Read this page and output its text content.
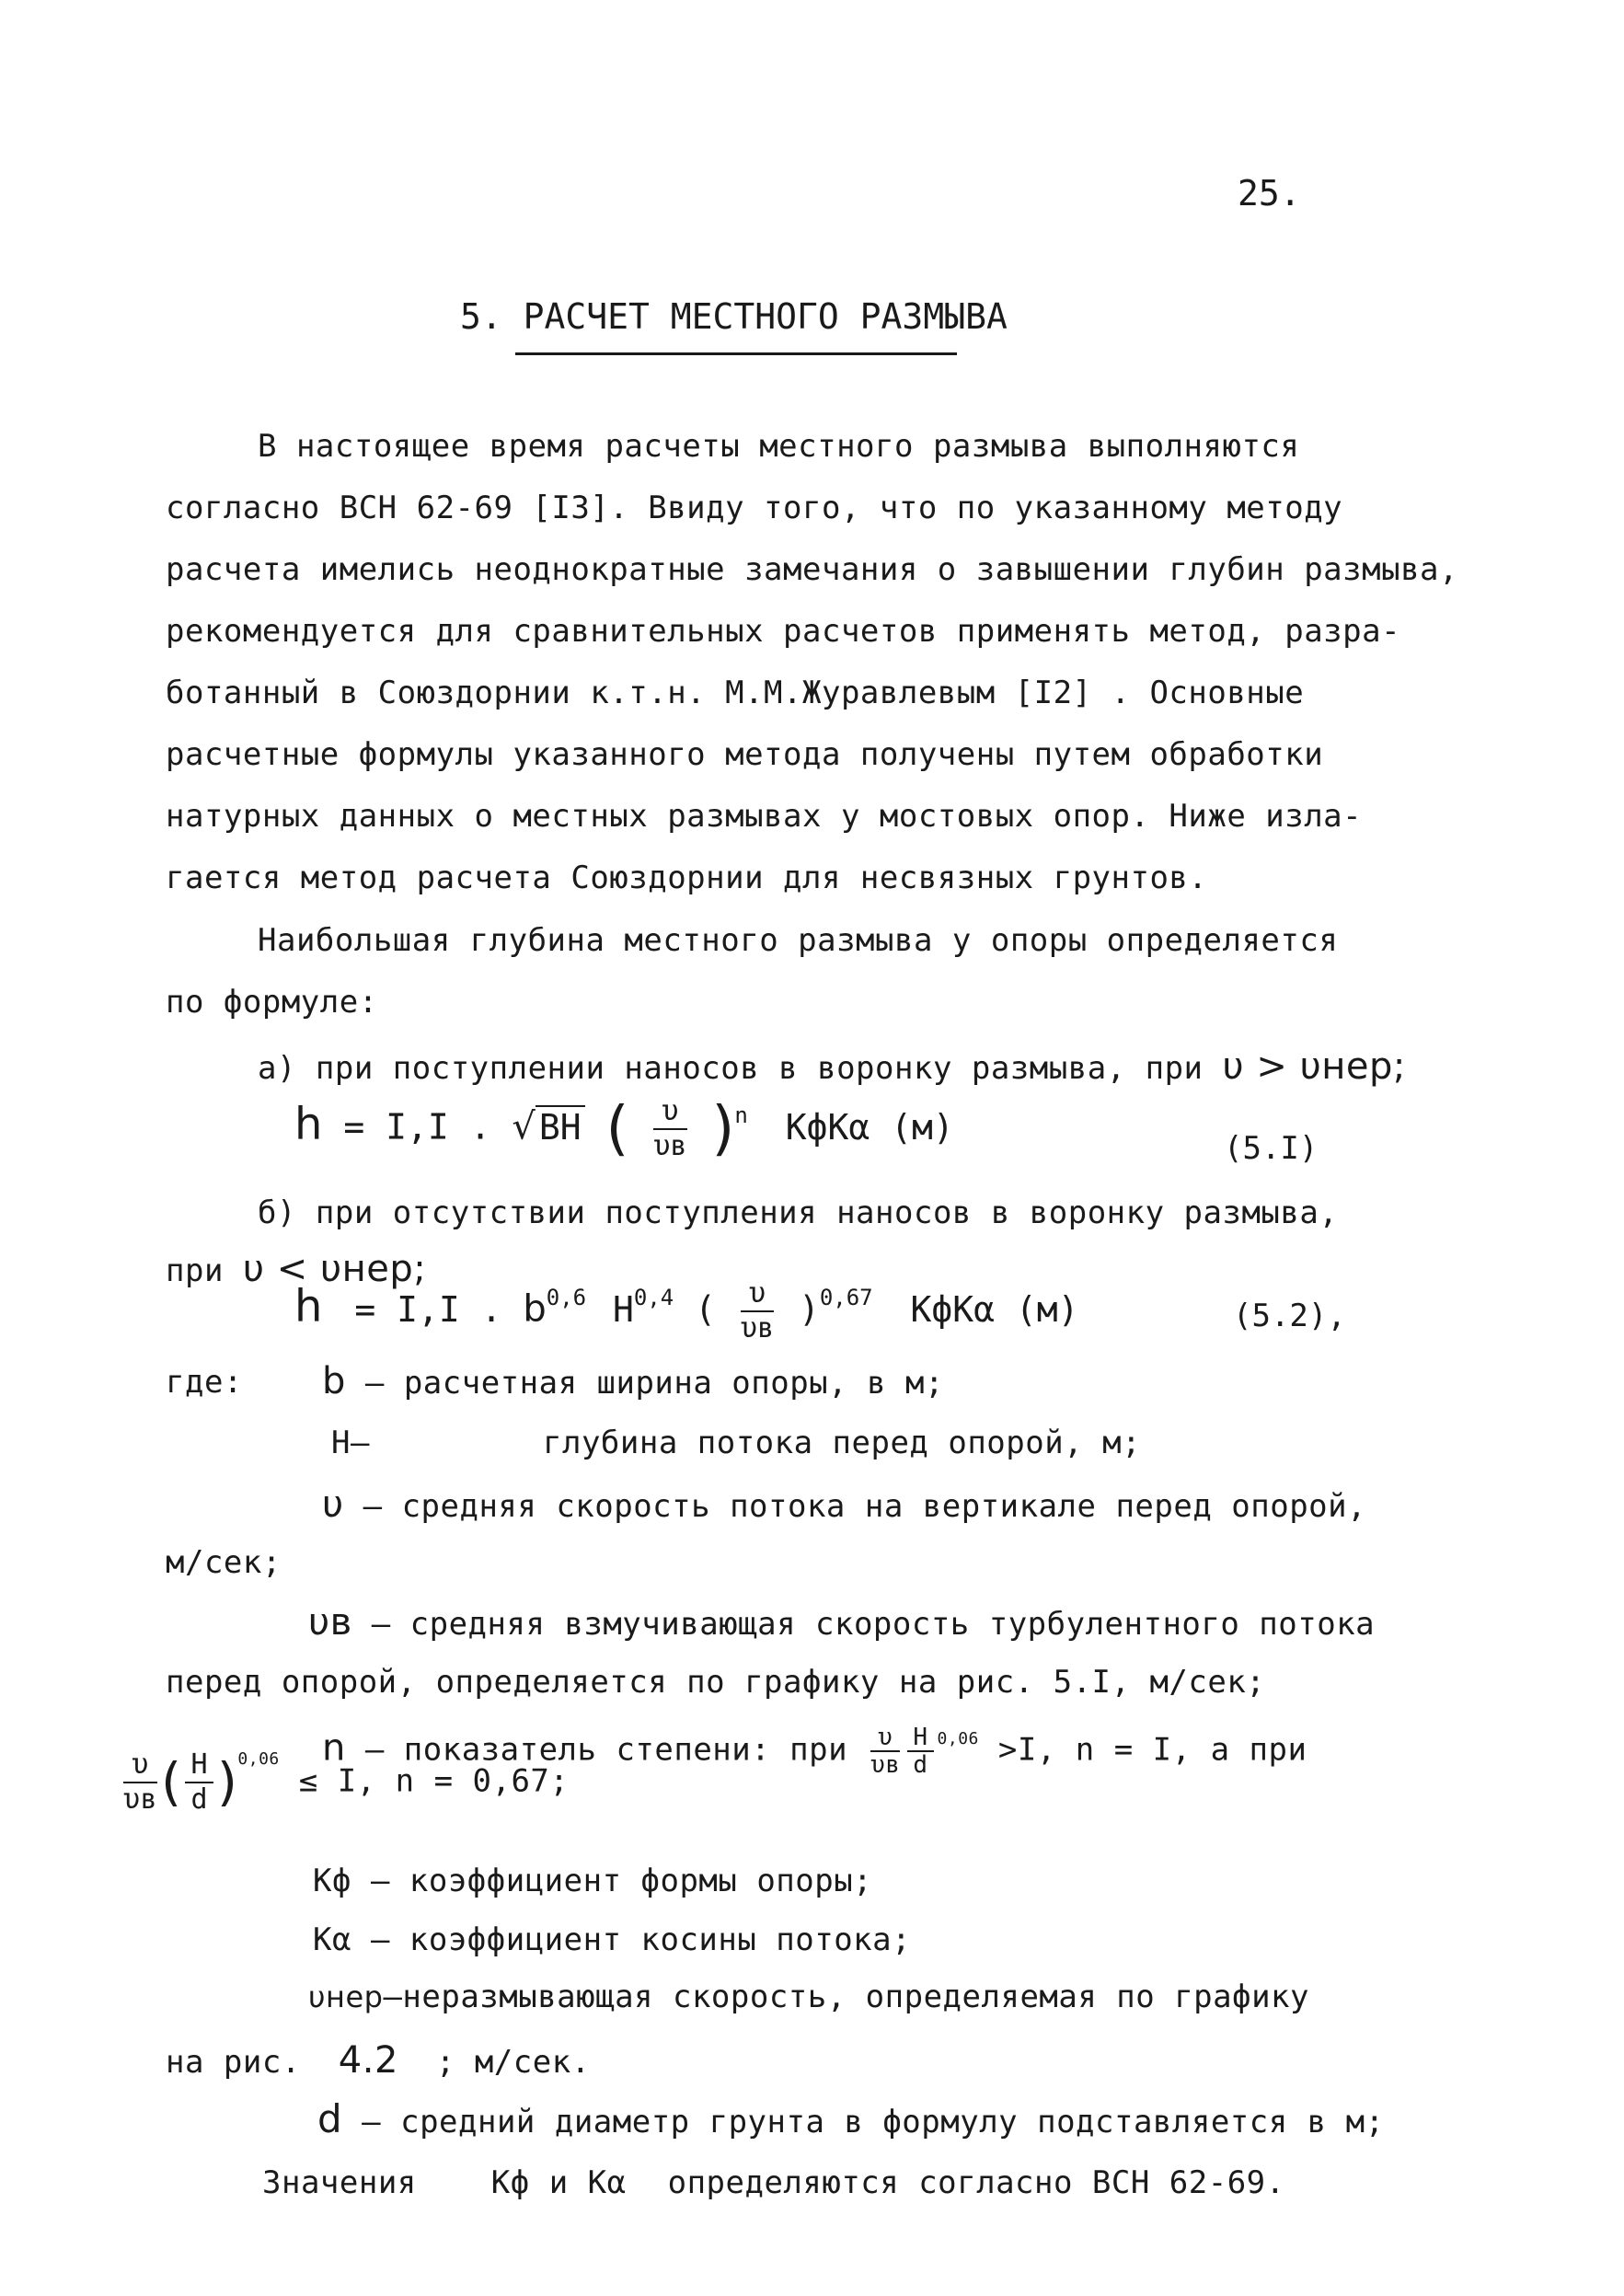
25.
5. РАСЧЕТ МЕСТНОГО РАЗМЫВА
В настоящее время расчеты местного размыва выполняются
согласно ВСН 62-69 [I3]. Ввиду того, что по указанному методу
расчета имелись неоднократные замечания о завышении глубин размыва,
рекомендуется для сравнительных расчетов применять метод, разра-
ботанный в Союздорнии к.т.н. М.М.Журавлевым [I2] . Основные
расчетные формулы указанного метода получены путем обработки
натурных данных о местных размывах у мостовых опор. Ниже изла-
гается метод расчета Союздорнии для несвязных грунтов.
Наибольшая глубина местного размыва у опоры определяется
по формуле:
а) при поступлении наносов в воронку размыва, при υ > υнер;
h = I,I . √ BH ( $\frac{\upsilon}{\upsilon в} )^n$ КфКα (м)
(5.I)
б) при отсутствии поступления наносов в воронку размыва,
при υ < υнер;
h = I,I . $b^{0,6}$ H$^{0,4}$ ( $\frac{\upsilon}{\upsilon в} )^{0,67}$ КфКα (м)	(5.2),
где: b – расчетная ширина опоры, в м;
H–	глубина потока перед опорой, м;
υ – средняя скорость потока на вертикале перед опорой,
м/сек;
υв – средняя взмучивающая скорость турбулентного потока
перед опорой, определяется по графику на рис. 5.I, м/сек;
n – показатель степени: при $\frac{\upsilon}{\upsilon в} \frac{H}{d} ^{0,06} >I$, n = I, а при
$\frac{\upsilon}{\upsilon в}$ ( $\frac{H}{d} )^{0,06} \le I$, n = 0,67;
Кф – коэффициент формы опоры;
Кα – коэффициент косины потока;
υнер–неразмывающая скорость, определяемая по графику
на рис. 4.2 ; м/сек.
d – средний диаметр грунта в формулу подставляется в м;
Значения Кф и Кα определяются согласно ВСН 62-69.
